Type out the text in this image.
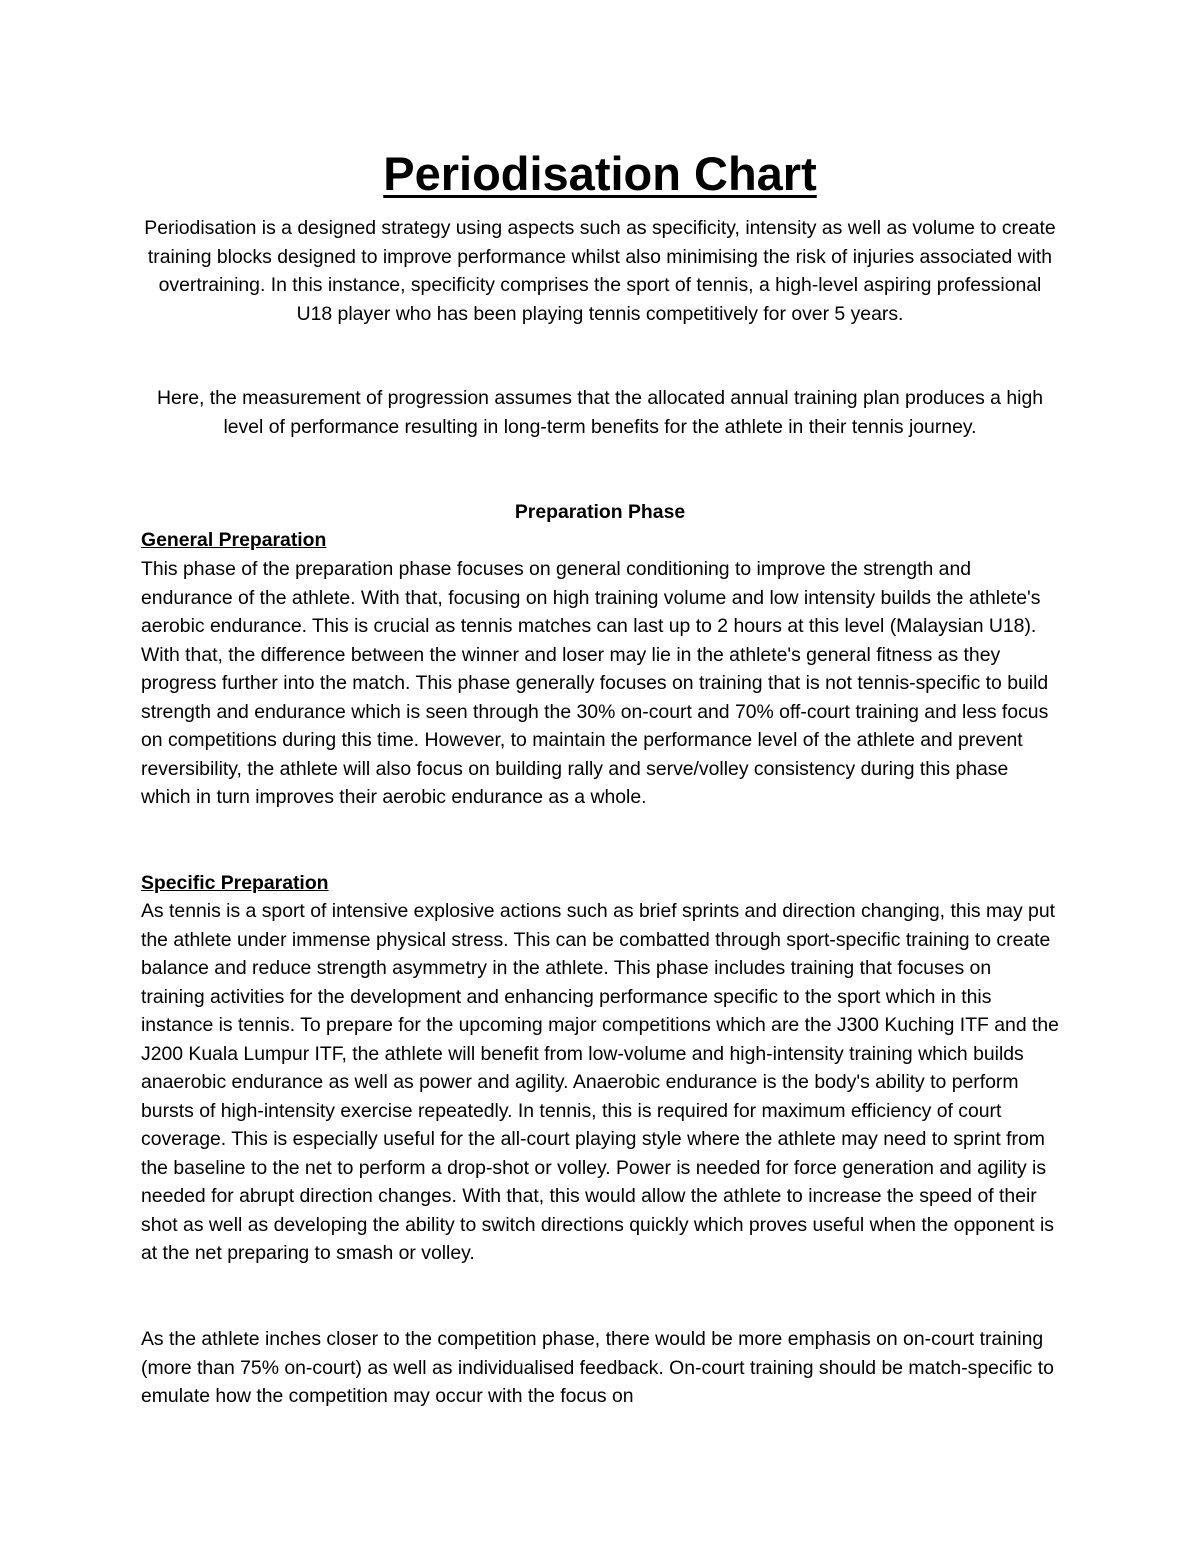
Periodisation Chart

Periodisation is a designed strategy using aspects such as specificity, intensity as well as volume to create training blocks designed to improve performance whilst also minimising the risk of injuries associated with overtraining. In this instance, specificity comprises the sport of tennis, a high-level aspiring professional U18 player who has been playing tennis competitively for over 5 years.

Here, the measurement of progression assumes that the allocated annual training plan produces a high level of performance resulting in long-term benefits for the athlete in their tennis journey.

Preparation Phase
General Preparation

This phase of the preparation phase focuses on general conditioning to improve the strength and endurance of the athlete. With that, focusing on high training volume and low intensity builds the athlete's aerobic endurance. This is crucial as tennis matches can last up to 2 hours at this level (Malaysian U18). With that, the difference between the winner and loser may lie in the athlete's general fitness as they progress further into the match. This phase generally focuses on training that is not tennis-specific to build strength and endurance which is seen through the 30% on-court and 70% off-court training and less focus on competitions during this time. However, to maintain the performance level of the athlete and prevent reversibility, the athlete will also focus on building rally and serve/volley consistency during this phase which in turn improves their aerobic endurance as a whole.

Specific Preparation

As tennis is a sport of intensive explosive actions such as brief sprints and direction changing, this may put the athlete under immense physical stress. This can be combatted through sport-specific training to create balance and reduce strength asymmetry in the athlete. This phase includes training that focuses on training activities for the development and enhancing performance specific to the sport which in this instance is tennis. To prepare for the upcoming major competitions which are the J300 Kuching ITF and the J200 Kuala Lumpur ITF, the athlete will benefit from low-volume and high-intensity training which builds anaerobic endurance as well as power and agility. Anaerobic endurance is the body's ability to perform bursts of high-intensity exercise repeatedly. In tennis, this is required for maximum efficiency of court coverage. This is especially useful for the all-court playing style where the athlete may need to sprint from the baseline to the net to perform a drop-shot or volley. Power is needed for force generation and agility is needed for abrupt direction changes. With that, this would allow the athlete to increase the speed of their shot as well as developing the ability to switch directions quickly which proves useful when the opponent is at the net preparing to smash or volley.

As the athlete inches closer to the competition phase, there would be more emphasis on on-court training (more than 75% on-court) as well as individualised feedback. On-court training should be match-specific to emulate how the competition may occur with the focus on
